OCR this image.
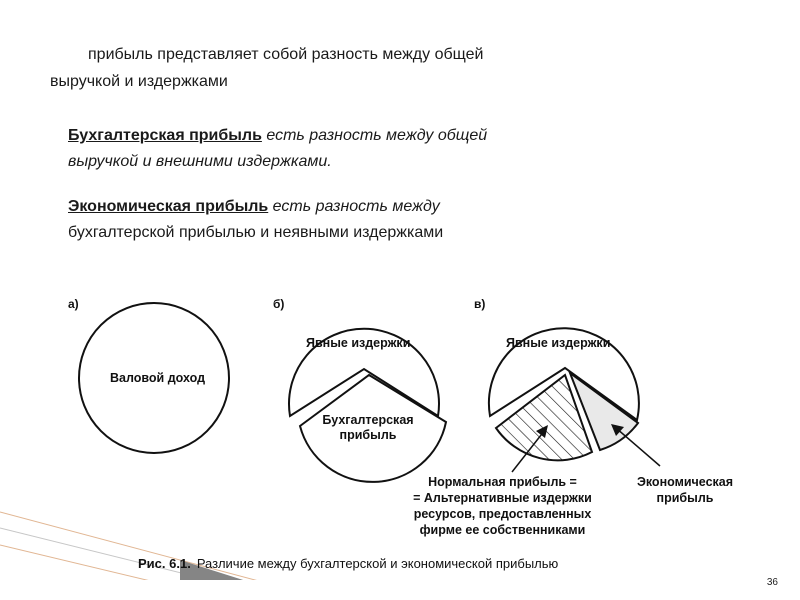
прибыль представляет собой разность между общей
выручкой и издержками
Бухгалтерская прибыль есть разность между общей
выручкой и внешними издержками.
Экономическая прибыль есть разность между
бухгалтерской прибылью и неявными издержками
а)	б)	в)
Валовой доход
Явные издержки
Бухгалтерская
прибыль
Явные издержки
Нормальная прибыль =
= Альтернативные издержки
ресурсов, предоставленных
фирме ее собственниками
Экономическая
прибыль
Рис. 6.1. Различие между бухгалтерской и экономической прибылью
36
